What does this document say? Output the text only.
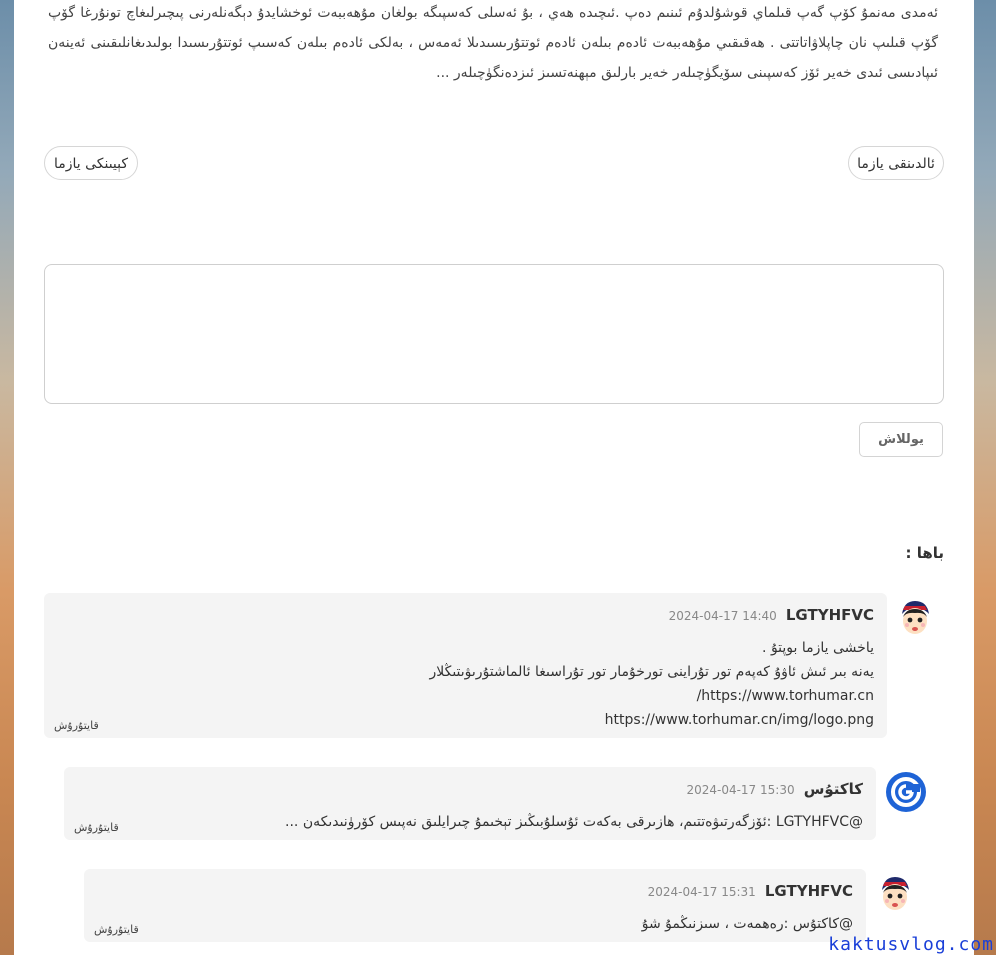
ئەمدى مەنمۇ كۆپ گەپ قىلماي قوشۇلدۇم ئىنىم دەپ .ئىچىدە ھەي ، بۇ ئەسلى كەسپىگە بولغان مۇھەببەت ئوخشايدۇ دېگەنلەرنى پىچىرلىغاچ تونۇرغا گۆپ گۆپ قىلىپ نان چاپلاۋاتاتتى . ھەقىقىي مۇھەببەت ئادەم بىلەن ئادەم ئوتتۇرىسىدىلا ئەمەس ، بەلكى ئادەم بىلەن كەسىپ ئوتتۇرىسىدا بولىدىغانلىقىنى ئەينەن ئىپادىسى ئىدى خەير ئۆز كەسپىنى سۆيگۈچىلەر خەير بارلىق مېھنەتسىز ئىزدەنگۈچىلەر ...

ئالدىنقى يازما
كېيىنكى يازما
يوللاش
باھا :
2024-04-17 14:40 LGTYHFVC
ياخشى يازما بوپتۇ .
يەنە بىر ئىش ئاۋۇ كەپەم تور تۇراينى تورخۇمار تور تۇراسىغا ئالماشتۇرىۋىتىڭلار
https://www.torhumar.cn/
https://www.torhumar.cn/img/logo.png
قايتۇرۇش
2024-04-17 15:30 كاكتۇس
@LGTYHFVC :ئۆزگەرتىۋەتتىم، ھازىرقى بەكەت ئۇسلۇبىڭىز تېخىمۇ چىرايلىق نەپىس كۆرۈنىدىكەن ...
قايتۇرۇش
2024-04-17 15:31 LGTYHFVC
@كاكتۇس :رەھمەت ، سىزنىڭمۇ شۇ
قايتۇرۇش
kaktusvlog.com
